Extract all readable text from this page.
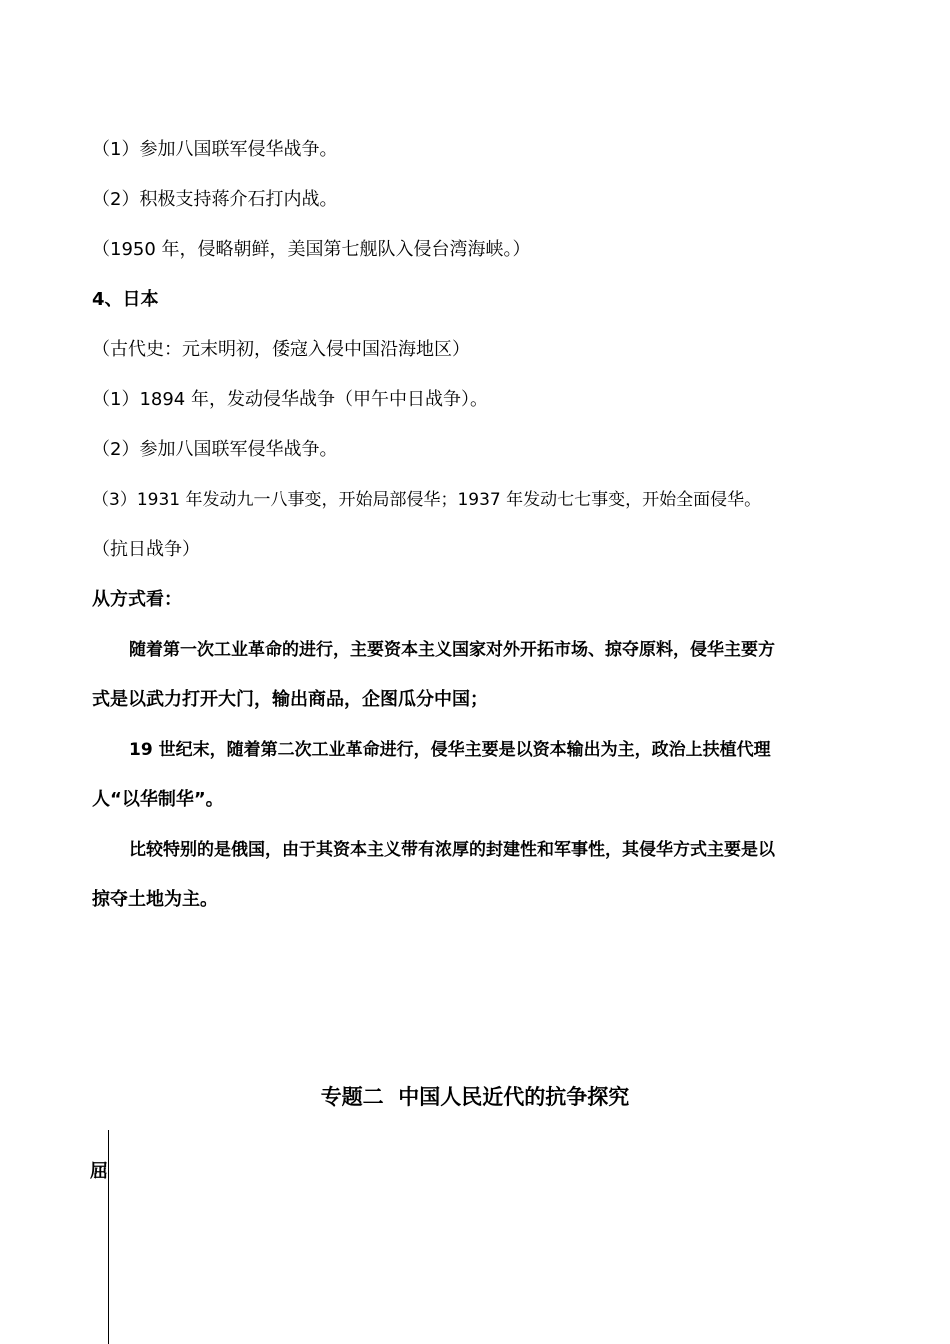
（1）参加八国联军侵华战争。
（2）积极支持蒋介石打内战。
（1950 年，侵略朝鲜，美国第七舰队入侵台湾海峡。）
4、日本
（古代史：元末明初，倭寇入侵中国沿海地区）
（1）1894 年，发动侵华战争（甲午中日战争）。
（2）参加八国联军侵华战争。
（3）1931 年发动九一八事变，开始局部侵华；1937 年发动七七事变，开始全面侵华。
（抗日战争）
从方式看：
随着第一次工业革命的进行，主要资本主义国家对外开拓市场、掠夺原料，侵华主要方
式是以武力打开大门，输出商品，企图瓜分中国；
19 世纪末，随着第二次工业革命进行，侵华主要是以资本输出为主，政治上扶植代理
人“以华制华”。
比较特别的是俄国，由于其资本主义带有浓厚的封建性和军事性，其侵华方式主要是以
掠夺土地为主。
专题二  中国人民近代的抗争探究
屈
